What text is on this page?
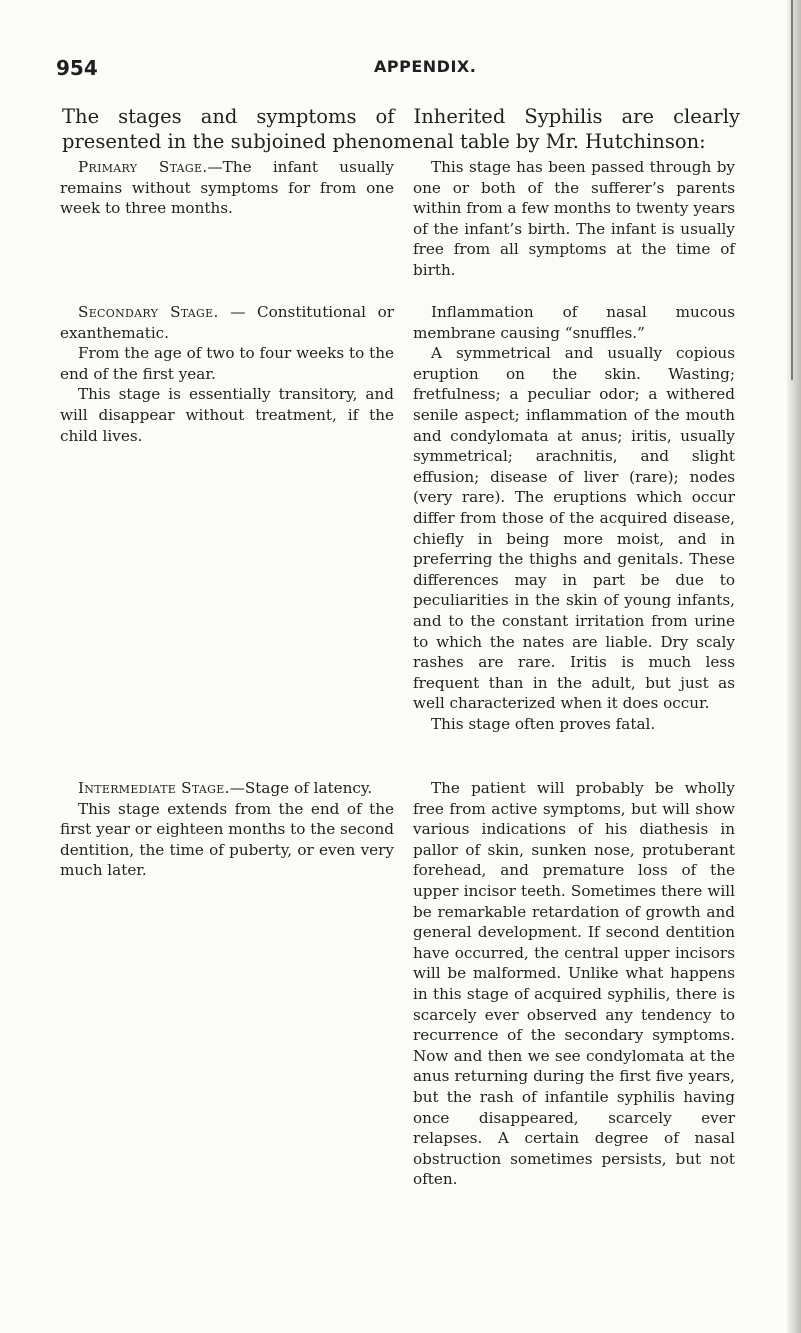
954	APPENDIX.

The stages and symptoms of Inherited Syphilis are clearly presented in the subjoined phenomenal table by Mr. Hutchinson:

Primary Stage.—The infant usually remains without symptoms for from one week to three months.

This stage has been passed through by one or both of the sufferer’s parents within from a few months to twenty years of the infant’s birth. The infant is usually free from all symptoms at the time of birth.

Secondary Stage. — Constitutional or exanthematic.

From the age of two to four weeks to the end of the first year.

This stage is essentially transitory, and will disappear without treatment, if the child lives.

Inflammation of nasal mucous membrane causing “snuffles.”

A symmetrical and usually copious eruption on the skin. Wasting; fretfulness; a peculiar odor; a withered senile aspect; inflammation of the mouth and condylomata at anus; iritis, usually symmetrical; arachnitis, and slight effusion; disease of liver (rare); nodes (very rare). The eruptions which occur differ from those of the acquired disease, chiefly in being more moist, and in preferring the thighs and genitals. These differences may in part be due to peculiarities in the skin of young infants, and to the constant irritation from urine to which the nates are liable. Dry scaly rashes are rare. Iritis is much less frequent than in the adult, but just as well characterized when it does occur.

This stage often proves fatal.

Intermediate Stage.—Stage of latency.

This stage extends from the end of the first year or eighteen months to the second dentition, the time of puberty, or even very much later.

The patient will probably be wholly free from active symptoms, but will show various indications of his diathesis in pallor of skin, sunken nose, protuberant forehead, and premature loss of the upper incisor teeth. Sometimes there will be remarkable retardation of growth and general development. If second dentition have occurred, the central upper incisors will be malformed. Unlike what happens in this stage of acquired syphilis, there is scarcely ever observed any tendency to recurrence of the secondary symptoms. Now and then we see condylomata at the anus returning during the first five years, but the rash of infantile syphilis having once disappeared, scarcely ever relapses. A certain degree of nasal obstruction sometimes persists, but not often.
